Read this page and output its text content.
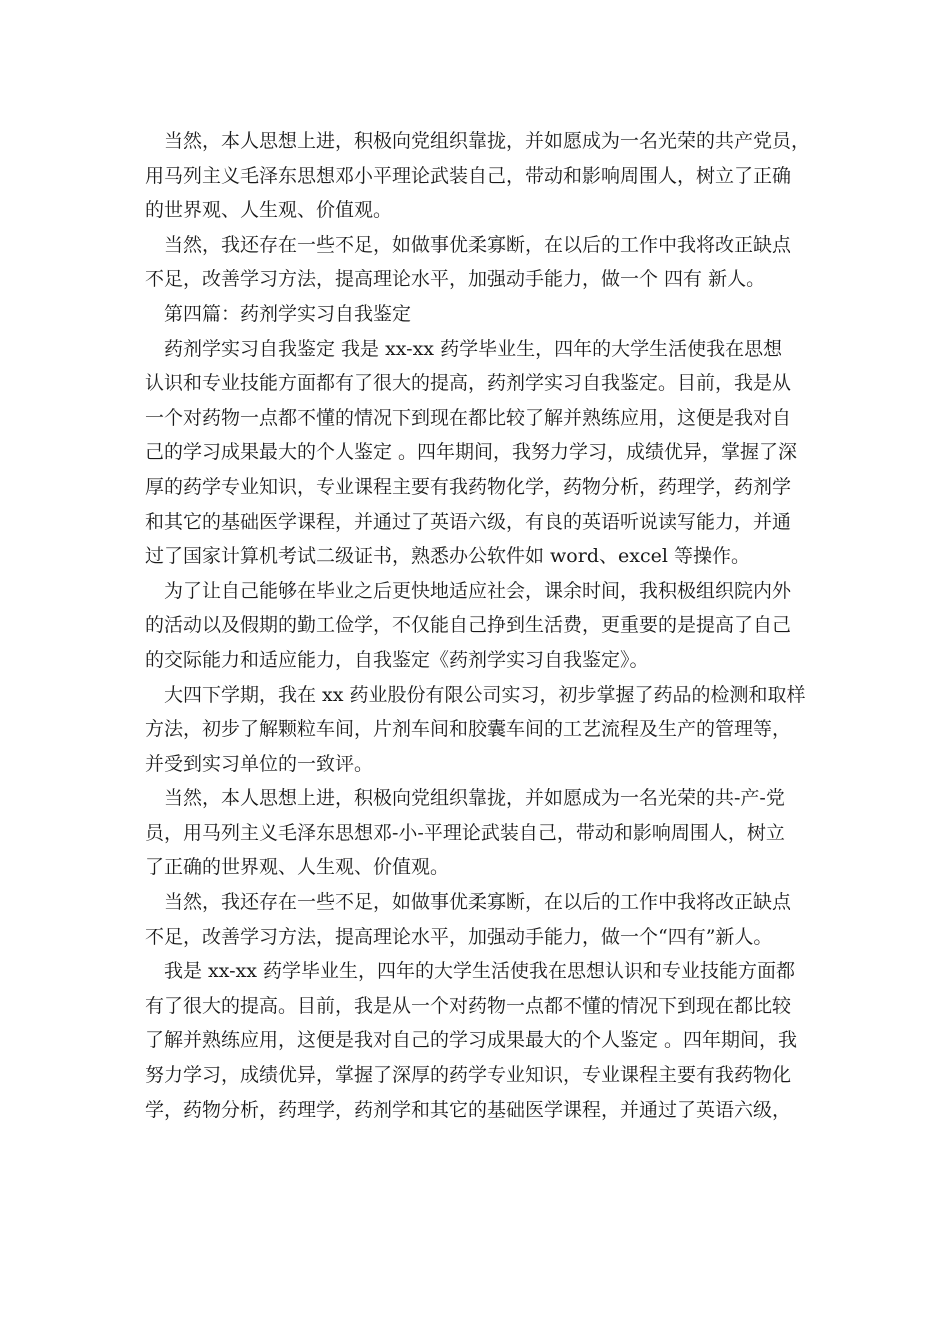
当然，本人思想上进，积极向党组织靠拢，并如愿成为一名光荣的共产党员，
用马列主义毛泽东思想邓小平理论武装自己，带动和影响周围人，树立了正确
的世界观、人生观、价值观。
当然，我还存在一些不足，如做事优柔寡断，在以后的工作中我将改正缺点
不足，改善学习方法，提高理论水平，加强动手能力，做一个 四有 新人。
第四篇：药剂学实习自我鉴定
药剂学实习自我鉴定 我是 xx-xx 药学毕业生，四年的大学生活使我在思想
认识和专业技能方面都有了很大的提高，药剂学实习自我鉴定。目前，我是从
一个对药物一点都不懂的情况下到现在都比较了解并熟练应用，这便是我对自
己的学习成果最大的个人鉴定 。四年期间，我努力学习，成绩优异，掌握了深
厚的药学专业知识，专业课程主要有我药物化学，药物分析，药理学，药剂学
和其它的基础医学课程，并通过了英语六级，有良的英语听说读写能力，并通
过了国家计算机考试二级证书，熟悉办公软件如 word、excel 等操作。
为了让自己能够在毕业之后更快地适应社会，课余时间，我积极组织院内外
的活动以及假期的勤工俭学，不仅能自己挣到生活费，更重要的是提高了自己
的交际能力和适应能力，自我鉴定《药剂学实习自我鉴定》。
大四下学期，我在 xx 药业股份有限公司实习，初步掌握了药品的检测和取样
方法，初步了解颗粒车间，片剂车间和胶囊车间的工艺流程及生产的管理等，
并受到实习单位的一致评。
当然，本人思想上进，积极向党组织靠拢，并如愿成为一名光荣的共-产-党
员，用马列主义毛泽东思想邓-小-平理论武装自己，带动和影响周围人，树立
了正确的世界观、人生观、价值观。
当然，我还存在一些不足，如做事优柔寡断，在以后的工作中我将改正缺点
不足，改善学习方法，提高理论水平，加强动手能力，做一个“四有”新人。
我是 xx-xx 药学毕业生，四年的大学生活使我在思想认识和专业技能方面都
有了很大的提高。目前，我是从一个对药物一点都不懂的情况下到现在都比较
了解并熟练应用，这便是我对自己的学习成果最大的个人鉴定 。四年期间，我
努力学习，成绩优异，掌握了深厚的药学专业知识，专业课程主要有我药物化
学，药物分析，药理学，药剂学和其它的基础医学课程，并通过了英语六级，
